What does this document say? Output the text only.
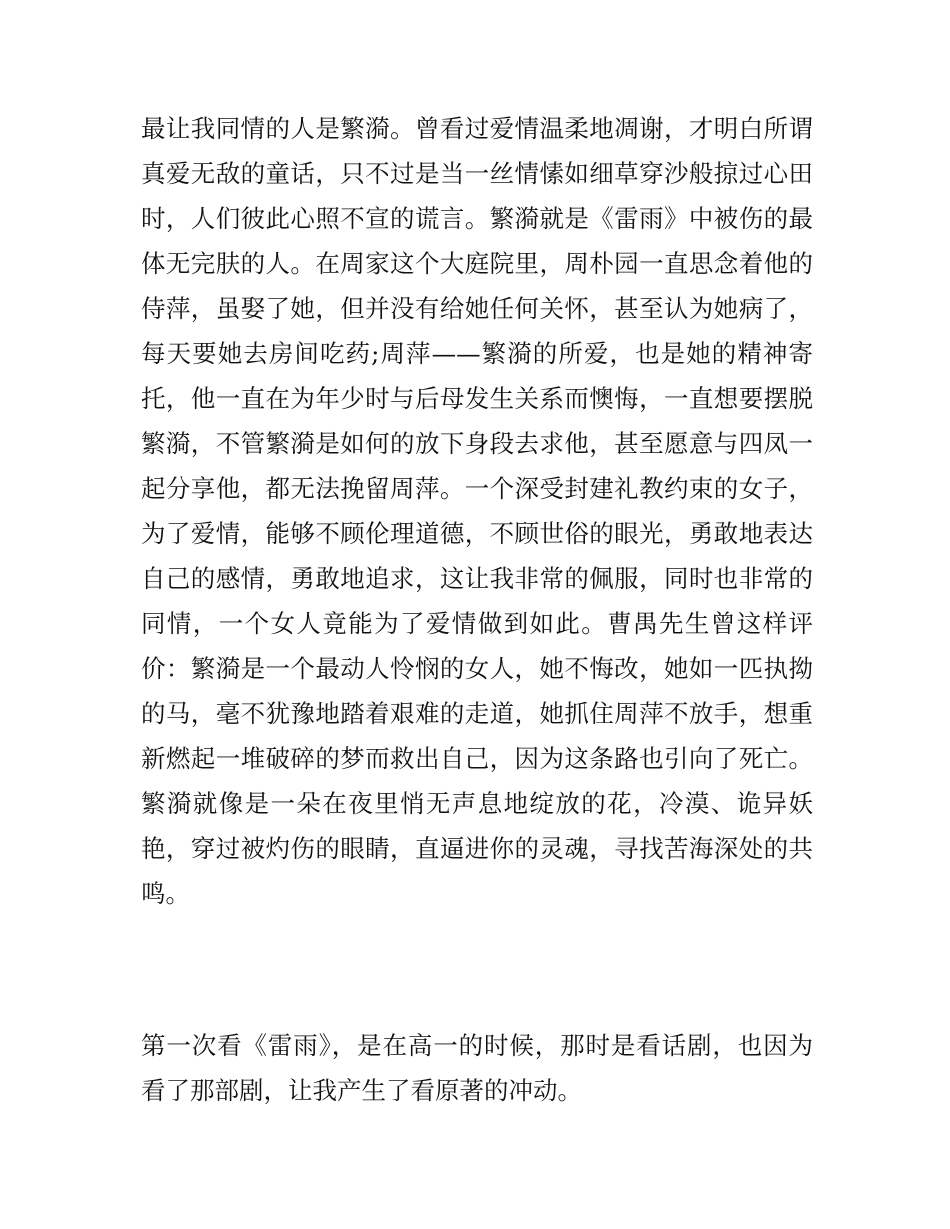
最让我同情的人是繁漪。曾看过爱情温柔地凋谢，才明白所谓
真爱无敌的童话，只不过是当一丝情愫如细草穿沙般掠过心田
时，人们彼此心照不宣的谎言。繁漪就是《雷雨》中被伤的最
体无完肤的人。在周家这个大庭院里，周朴园一直思念着他的
侍萍，虽娶了她，但并没有给她任何关怀，甚至认为她病了，
每天要她去房间吃药;周萍——繁漪的所爱，也是她的精神寄
托，他一直在为年少时与后母发生关系而懊悔，一直想要摆脱
繁漪，不管繁漪是如何的放下身段去求他，甚至愿意与四凤一
起分享他，都无法挽留周萍。一个深受封建礼教约束的女子，
为了爱情，能够不顾伦理道德，不顾世俗的眼光，勇敢地表达
自己的感情，勇敢地追求，这让我非常的佩服，同时也非常的
同情，一个女人竟能为了爱情做到如此。曹禺先生曾这样评
价：繁漪是一个最动人怜悯的女人，她不悔改，她如一匹执拗
的马，毫不犹豫地踏着艰难的走道，她抓住周萍不放手，想重
新燃起一堆破碎的梦而救出自己，因为这条路也引向了死亡。
繁漪就像是一朵在夜里悄无声息地绽放的花，冷漠、诡异妖
艳，穿过被灼伤的眼睛，直逼进你的灵魂，寻找苦海深处的共
鸣。
第一次看《雷雨》，是在高一的时候，那时是看话剧，也因为
看了那部剧，让我产生了看原著的冲动。
